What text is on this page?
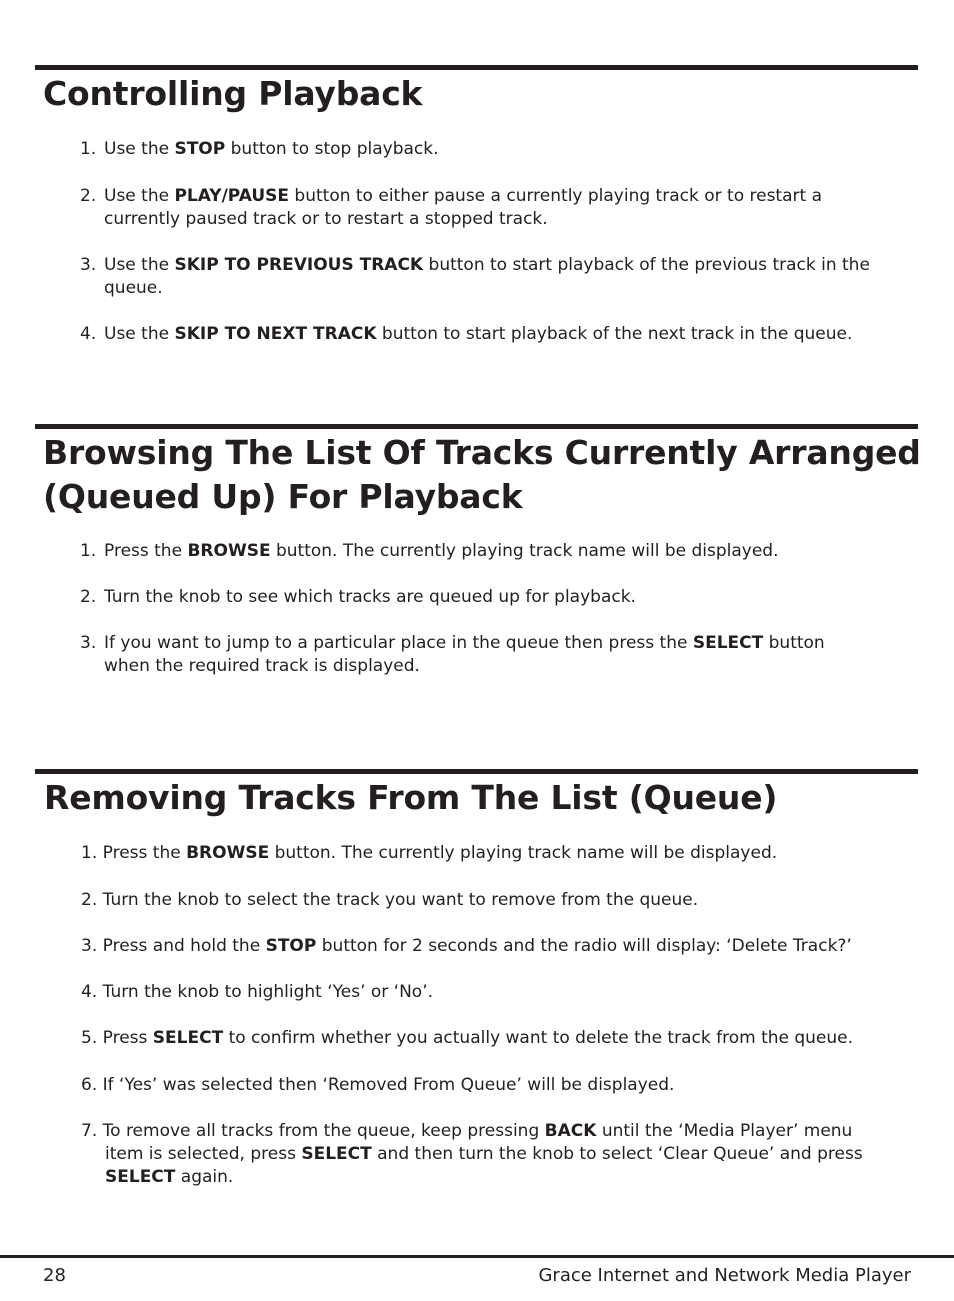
Controlling Playback
1. Use the STOP button to stop playback.
2. Use the PLAY/PAUSE button to either pause a currently playing track or to restart a
currently paused track or to restart a stopped track.
3. Use the SKIP TO PREVIOUS TRACK button to start playback of the previous track in the
queue.
4. Use the SKIP TO NEXT TRACK button to start playback of the next track in the queue.
Browsing The List Of Tracks Currently Arranged
(Queued Up) For Playback
1. Press the BROWSE button. The currently playing track name will be displayed.
2. Turn the knob to see which tracks are queued up for playback.
3. If you want to jump to a particular place in the queue then press the SELECT button
when the required track is displayed.
Removing Tracks From The List (Queue)
1. Press the BROWSE button. The currently playing track name will be displayed.
2. Turn the knob to select the track you want to remove from the queue.
3. Press and hold the STOP button for 2 seconds and the radio will display: ‘Delete Track?’
4. Turn the knob to highlight ‘Yes’ or ‘No’.
5. Press SELECT to confirm whether you actually want to delete the track from the queue.
6. If ‘Yes’ was selected then ‘Removed From Queue’ will be displayed.
7. To remove all tracks from the queue, keep pressing BACK until the ‘Media Player’ menu
item is selected, press SELECT and then turn the knob to select ‘Clear Queue’ and press
SELECT again.
28	Grace Internet and Network Media Player
